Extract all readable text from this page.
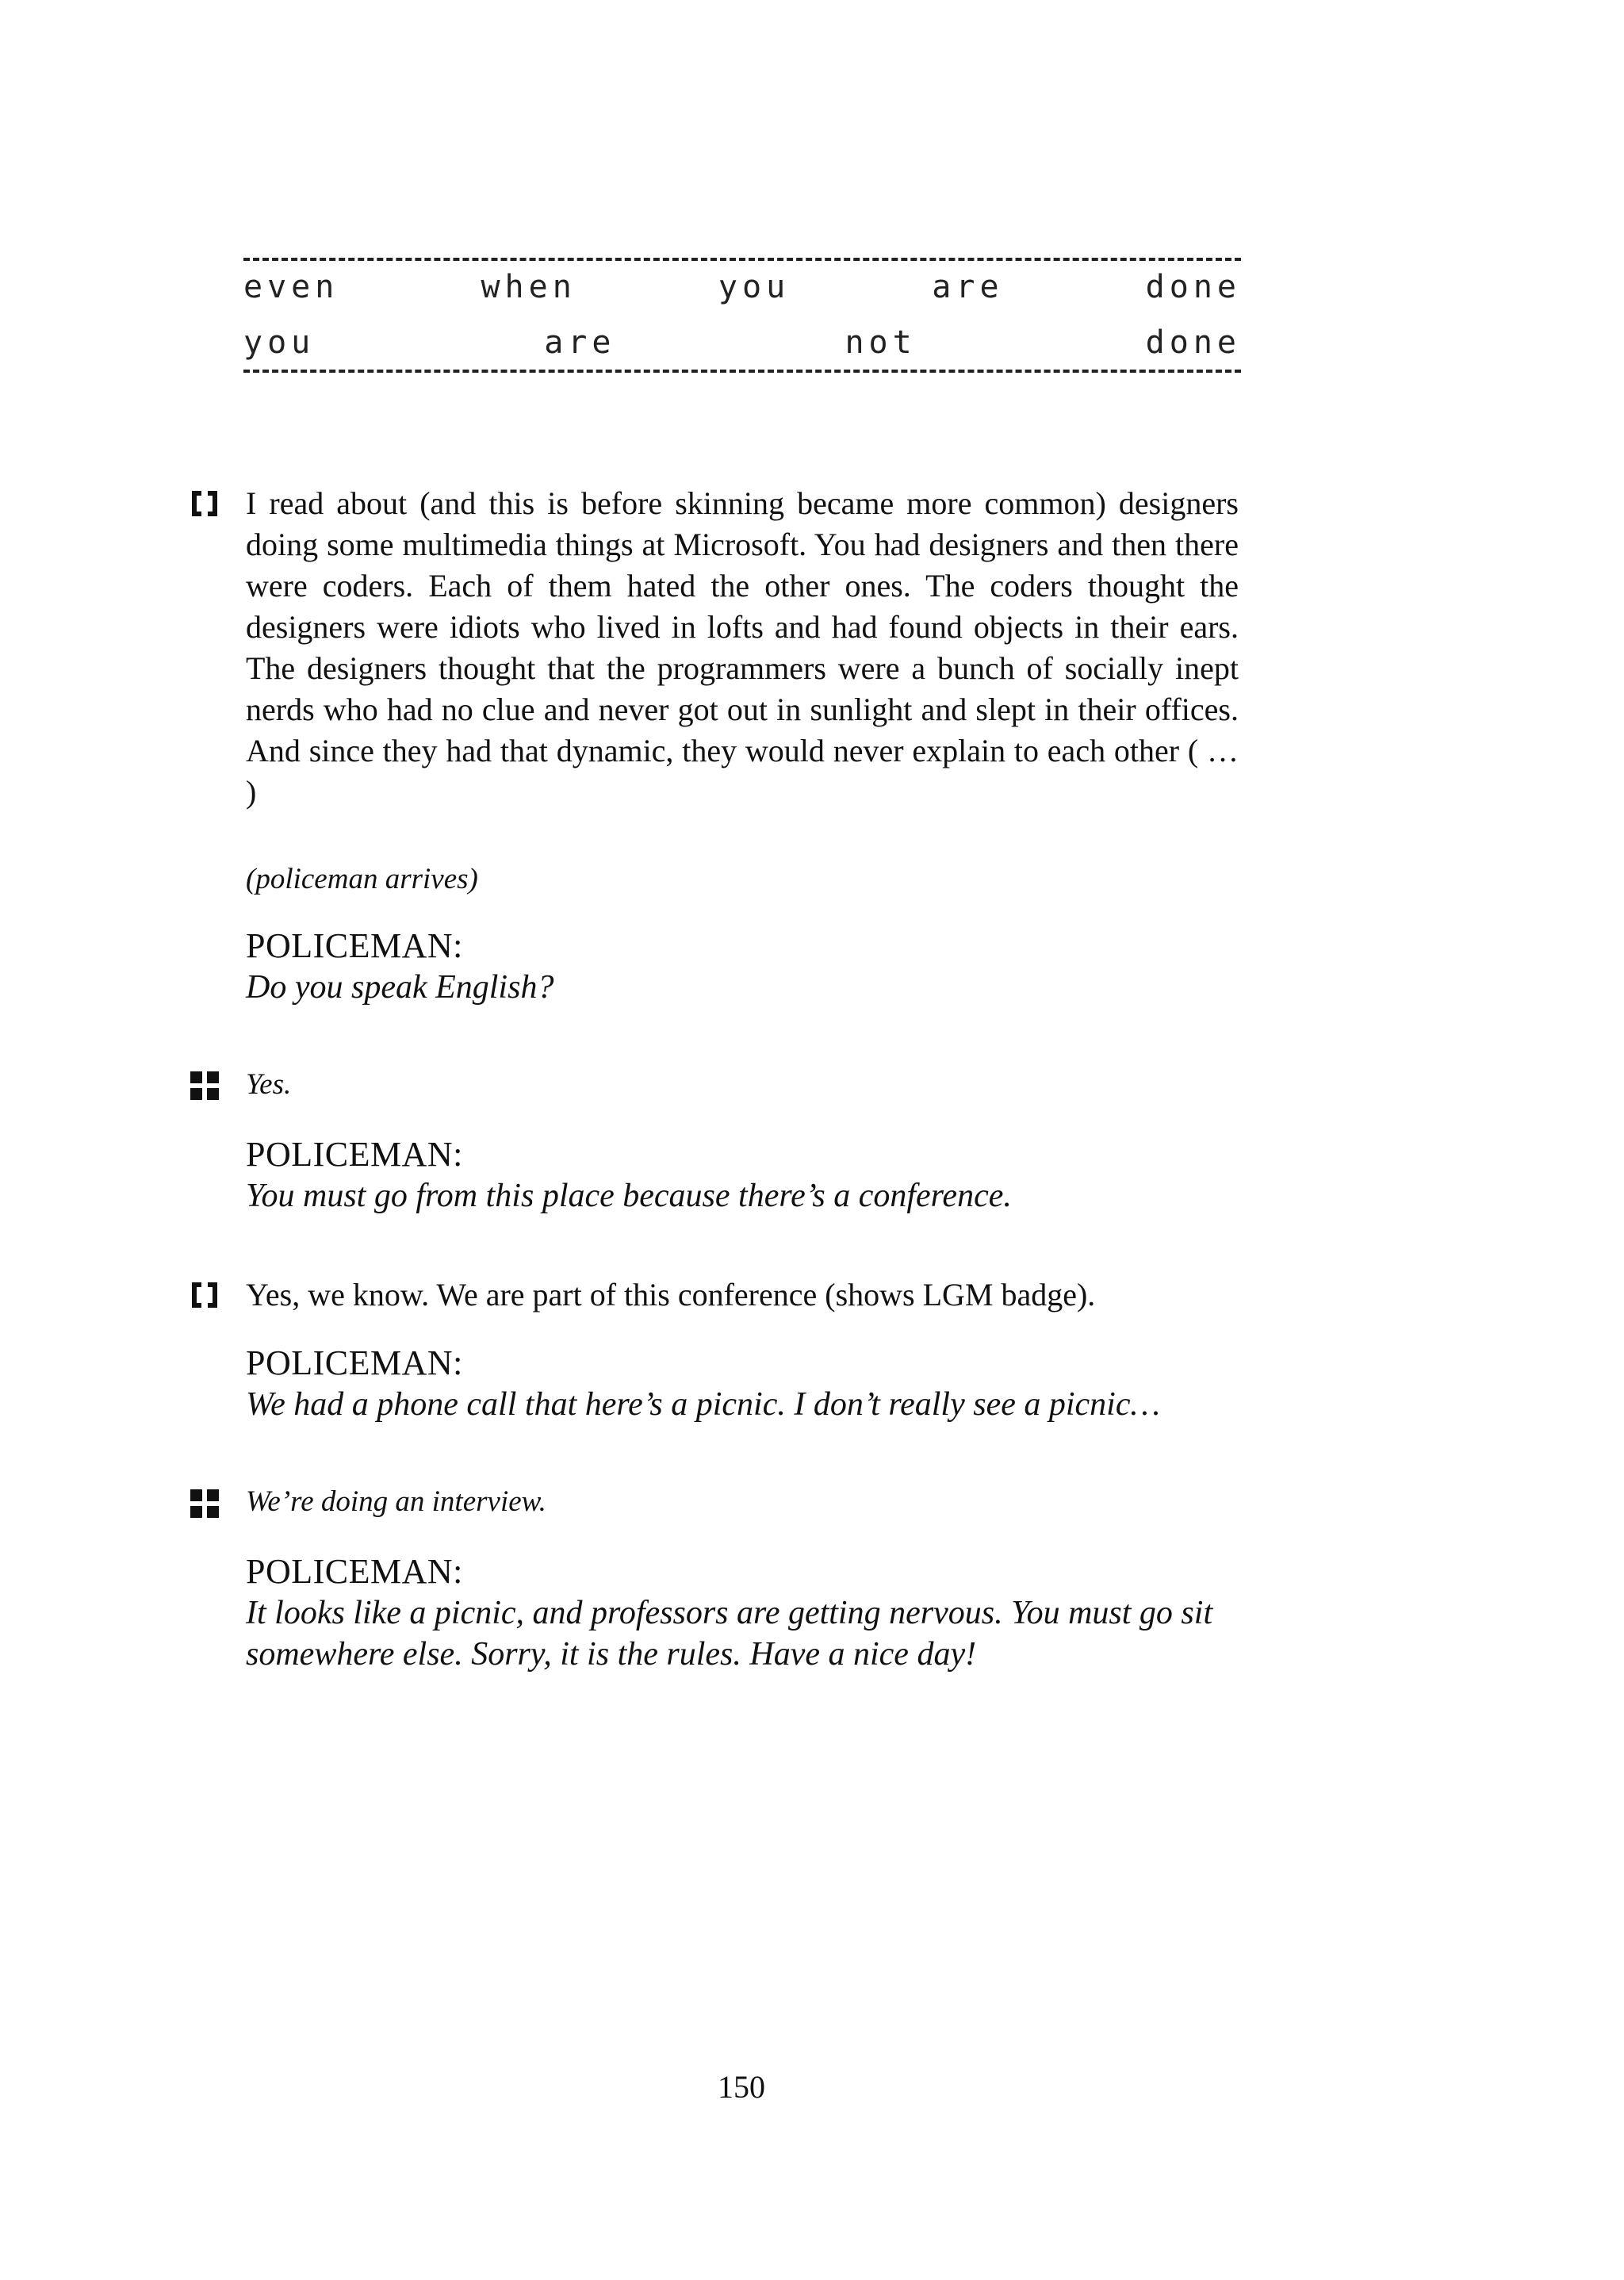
even	when	you	are	done
you	are	not	done
I read about (and this is before skinning became more common) designers doing some multimedia things at Microsoft. You had designers and then there were coders. Each of them hated the other ones. The coders thought the designers were idiots who lived in lofts and had found objects in their ears. The designers thought that the programmers were a bunch of socially inept nerds who had no clue and never got out in sunlight and slept in their offices. And since they had that dynamic, they would never explain to each other ( … )
(policeman arrives)
POLICEMAN:
Do you speak English?
Yes.
POLICEMAN:
You must go from this place because there’s a conference.
Yes, we know. We are part of this conference (shows LGM badge).
POLICEMAN:
We had a phone call that here’s a picnic. I don’t really see a picnic…
We’re doing an interview.
POLICEMAN:
It looks like a picnic, and professors are getting nervous. You must go sit somewhere else. Sorry, it is the rules. Have a nice day!
150
